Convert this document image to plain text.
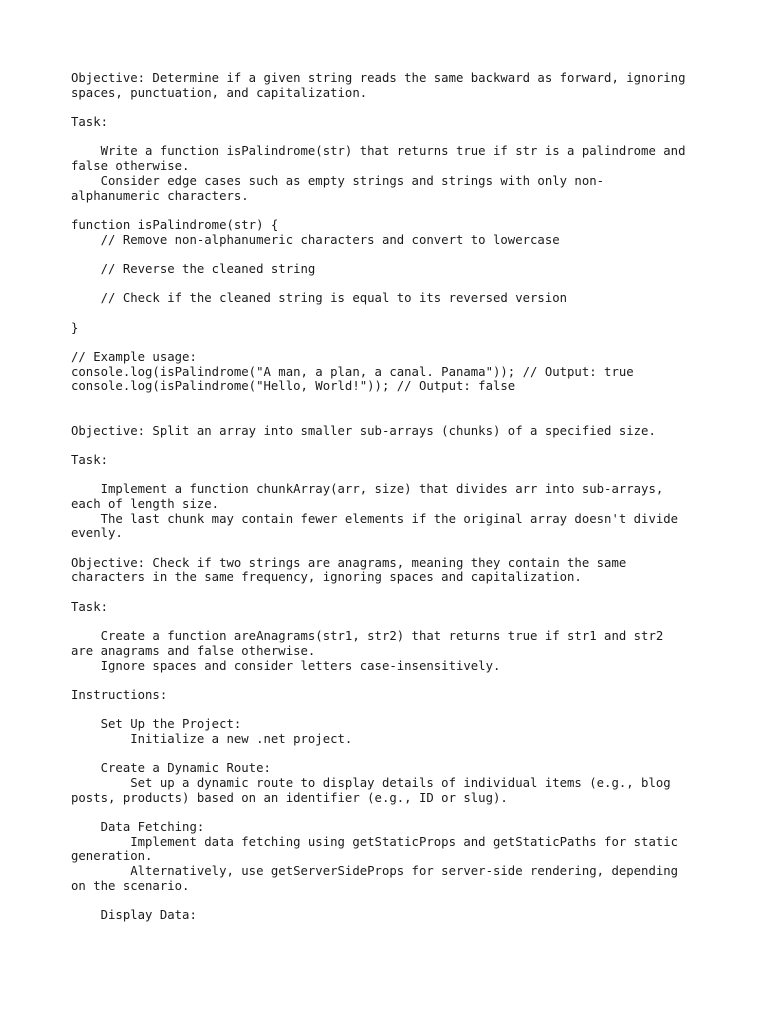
Objective: Determine if a given string reads the same backward as forward, ignoring
spaces, punctuation, and capitalization.
Task:
Write a function isPalindrome(str) that returns true if str is a palindrome and
false otherwise.
Consider edge cases such as empty strings and strings with only non-
alphanumeric characters.
function isPalindrome(str) {
// Remove non-alphanumeric characters and convert to lowercase
// Reverse the cleaned string
// Check if the cleaned string is equal to its reversed version
}
// Example usage:
console.log(isPalindrome("A man, a plan, a canal. Panama")); // Output: true
console.log(isPalindrome("Hello, World!")); // Output: false
Objective: Split an array into smaller sub-arrays (chunks) of a specified size.
Task:
Implement a function chunkArray(arr, size) that divides arr into sub-arrays,
each of length size.
The last chunk may contain fewer elements if the original array doesn't divide
evenly.
Objective: Check if two strings are anagrams, meaning they contain the same
characters in the same frequency, ignoring spaces and capitalization.
Task:
Create a function areAnagrams(str1, str2) that returns true if str1 and str2
are anagrams and false otherwise.
Ignore spaces and consider letters case-insensitively.
Instructions:
Set Up the Project:
Initialize a new .net project.
Create a Dynamic Route:
Set up a dynamic route to display details of individual items (e.g., blog
posts, products) based on an identifier (e.g., ID or slug).
Data Fetching:
Implement data fetching using getStaticProps and getStaticPaths for static
generation.
Alternatively, use getServerSideProps for server-side rendering, depending
on the scenario.
Display Data:
